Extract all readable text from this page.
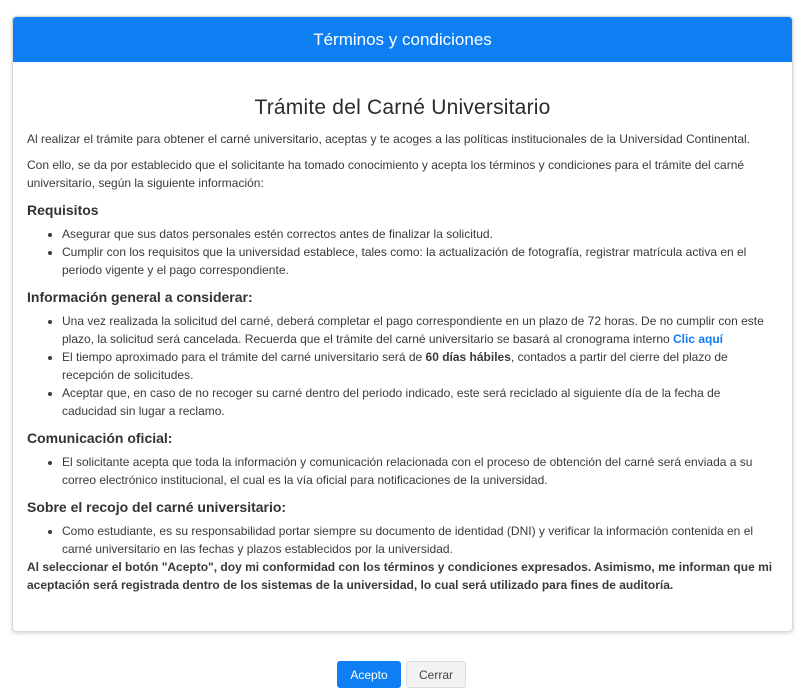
Términos y condiciones
Trámite del Carné Universitario

Al realizar el trámite para obtener el carné universitario, aceptas y te acoges a las políticas institucionales de la Universidad Continental.

Con ello, se da por establecido que el solicitante ha tomado conocimiento y acepta los términos y condiciones para el trámite del carné universitario, según la siguiente información:

Requisitos
• Asegurar que sus datos personales estén correctos antes de finalizar la solicitud.
• Cumplir con los requisitos que la universidad establece, tales como: la actualización de fotografía, registrar matrícula activa en el periodo vigente y el pago correspondiente.
Información general a considerar:
• Una vez realizada la solicitud del carné, deberá completar el pago correspondiente en un plazo de 72 horas. De no cumplir con este plazo, la solicitud será cancelada. Recuerda que el trámite del carné universitario se basará al cronograma interno Clic aquí
• El tiempo aproximado para el trámite del carné universitario será de 60 días hábiles, contados a partir del cierre del plazo de recepción de solicitudes.
• Aceptar que, en caso de no recoger su carné dentro del periodo indicado, este será reciclado al siguiente día de la fecha de caducidad sin lugar a reclamo.
Comunicación oficial:
• El solicitante acepta que toda la información y comunicación relacionada con el proceso de obtención del carné será enviada a su correo electrónico institucional, el cual es la vía oficial para notificaciones de la universidad.
Sobre el recojo del carné universitario:
• Como estudiante, es su responsabilidad portar siempre su documento de identidad (DNI) y verificar la información contenida en el carné universitario en las fechas y plazos establecidos por la universidad.

Al seleccionar el botón "Acepto", doy mi conformidad con los términos y condiciones expresados. Asimismo, me informan que mi aceptación será registrada dentro de los sistemas de la universidad, lo cual será utilizado para fines de auditoría.

Acepto	Cerrar
